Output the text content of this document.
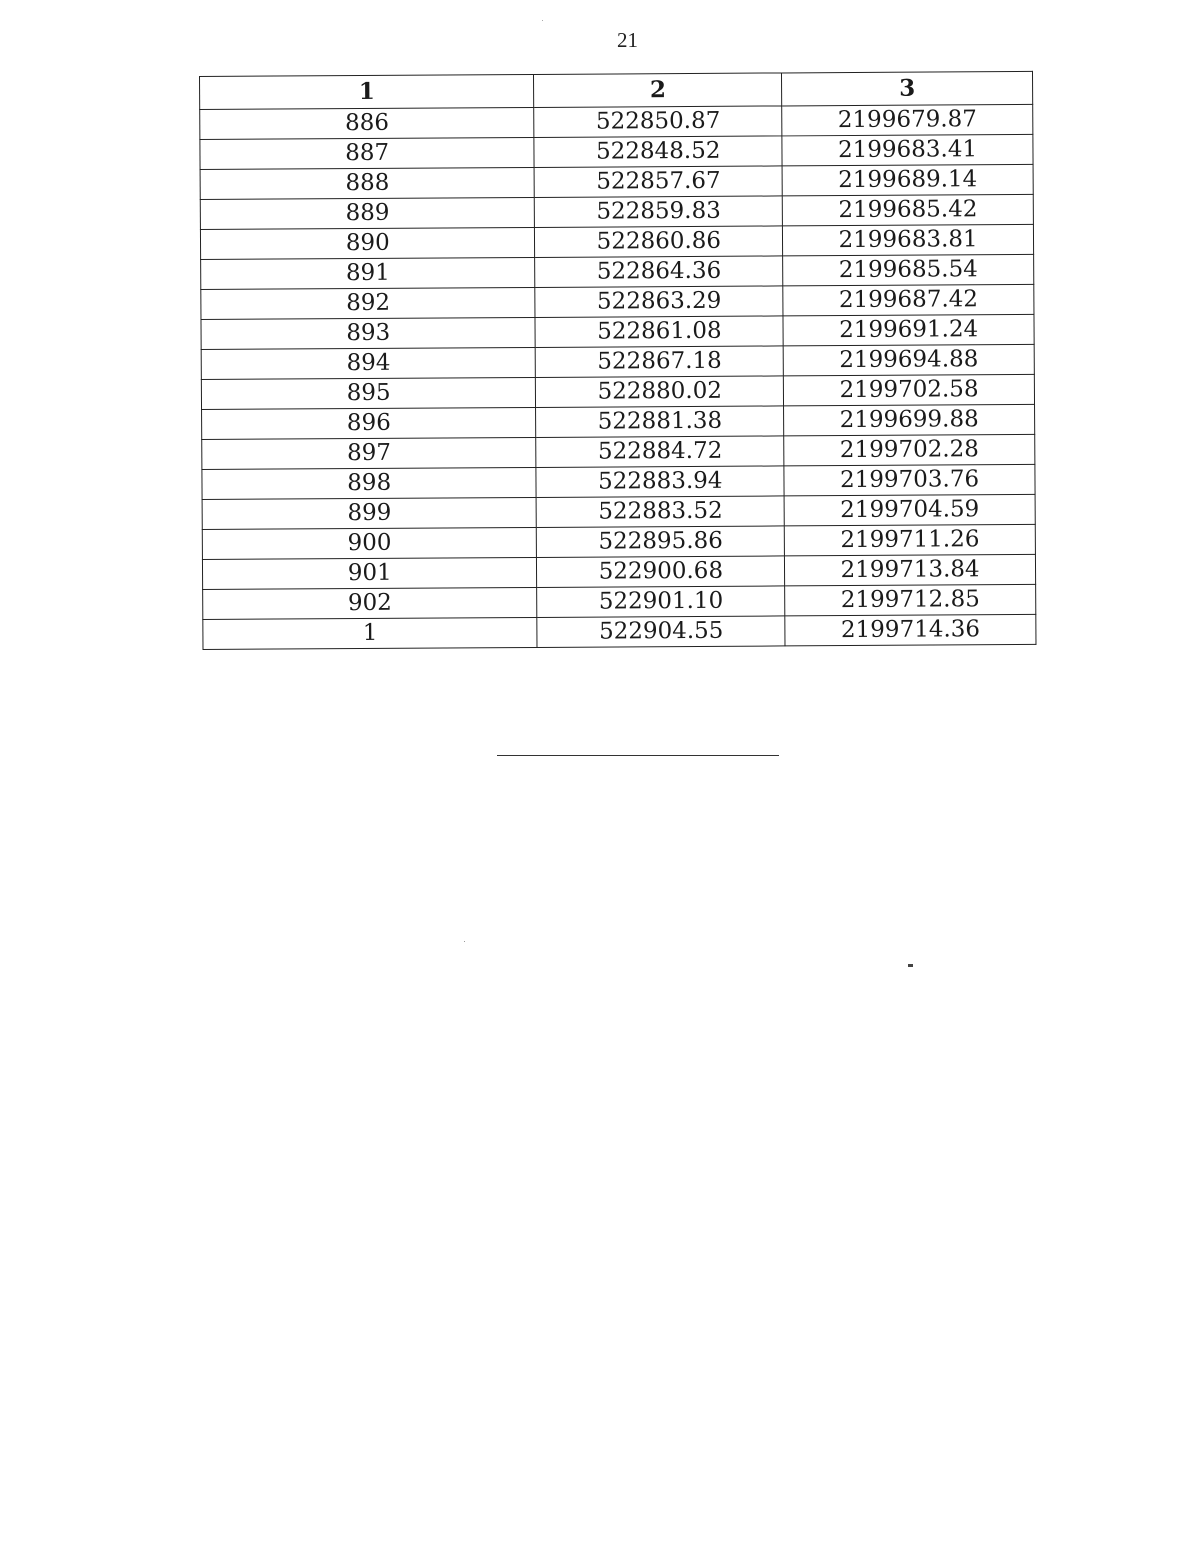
21
1	2	3
886	522850.87	2199679.87
887	522848.52	2199683.41
888	522857.67	2199689.14
889	522859.83	2199685.42
890	522860.86	2199683.81
891	522864.36	2199685.54
892	522863.29	2199687.42
893	522861.08	2199691.24
894	522867.18	2199694.88
895	522880.02	2199702.58
896	522881.38	2199699.88
897	522884.72	2199702.28
898	522883.94	2199703.76
899	522883.52	2199704.59
900	522895.86	2199711.26
901	522900.68	2199713.84
902	522901.10	2199712.85
1	522904.55	2199714.36
